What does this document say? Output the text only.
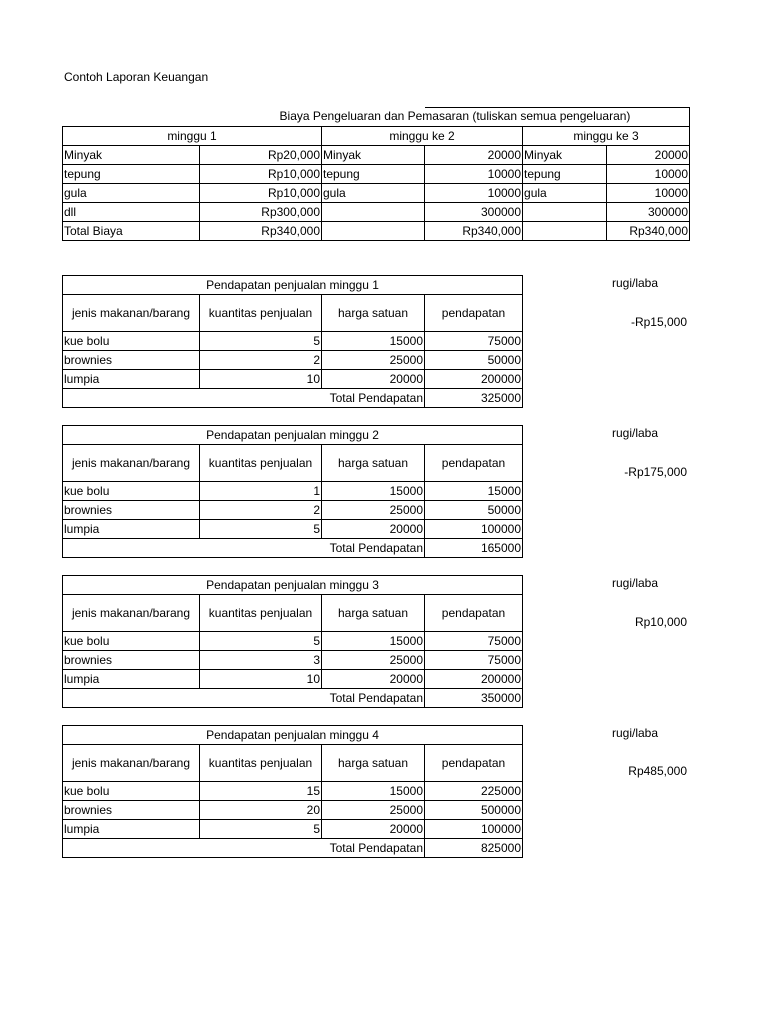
Contoh Laporan Keuangan

			Biaya Pengeluaran dan Pemasaran (tuliskan semua pengeluaran)		

minggu 1		minggu ke 2		minggu ke 3	
Minyak	Rp20,000	Minyak	20000	Minyak	20000
tepung	Rp10,000	tepung	10000	tepung	10000
gula	Rp10,000	gula	10000	gula	10000
dll	Rp300,000		300000		300000
Total Biaya	Rp340,000		Rp340,000		Rp340,000
Pendapatan penjualan minggu 1			
jenis makanan/barang	kuantitas penjualan	harga satuan	pendapatan
kue bolu	5	15000	75000
brownies	2	25000	50000
lumpia	10	20000	200000
Total Pendapatan			325000
rugi/laba
-Rp15,000
Pendapatan penjualan minggu 2			
jenis makanan/barang	kuantitas penjualan	harga satuan	pendapatan
kue bolu	1	15000	15000
brownies	2	25000	50000
lumpia	5	20000	100000
Total Pendapatan			165000
rugi/laba
-Rp175,000
Pendapatan penjualan minggu 3			
jenis makanan/barang	kuantitas penjualan	harga satuan	pendapatan
kue bolu	5	15000	75000
brownies	3	25000	75000
lumpia	10	20000	200000
Total Pendapatan			350000
rugi/laba
Rp10,000
Pendapatan penjualan minggu 4			
jenis makanan/barang	kuantitas penjualan	harga satuan	pendapatan
kue bolu	15	15000	225000
brownies	20	25000	500000
lumpia	5	20000	100000
Total Pendapatan			825000
rugi/laba
Rp485,000
